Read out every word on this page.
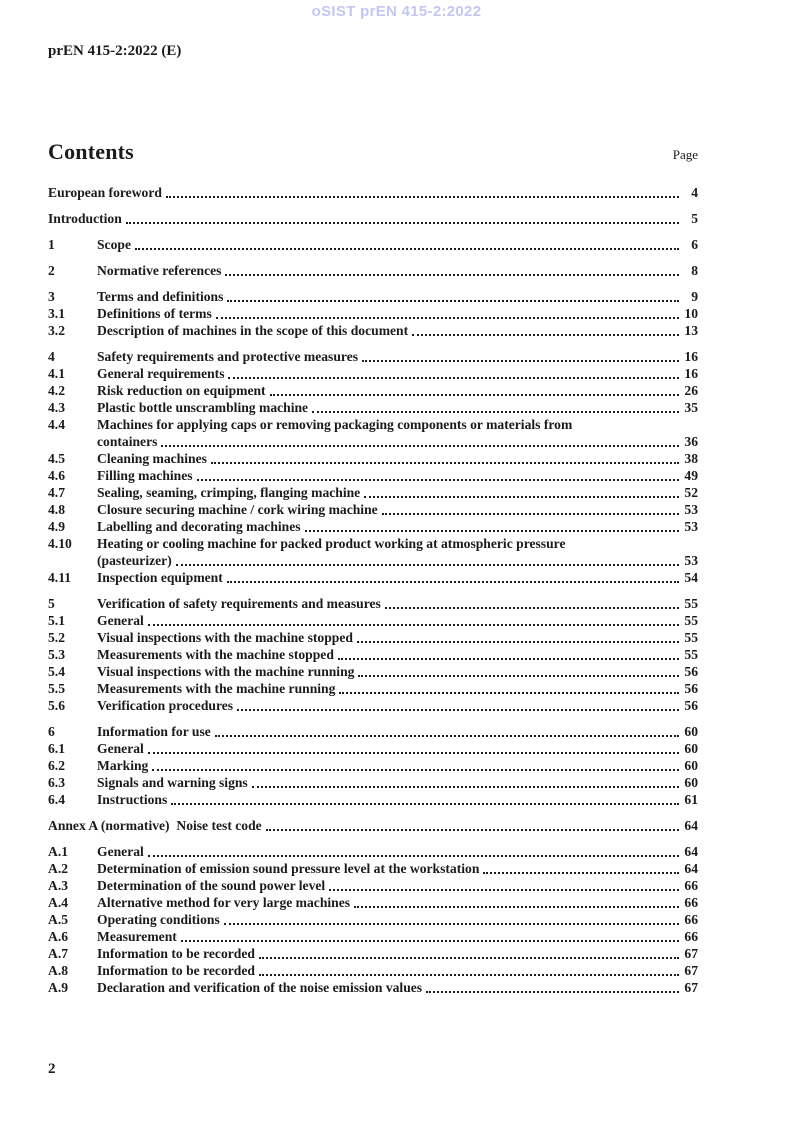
oSIST prEN 415-2:2022
prEN 415-2:2022 (E)
Contents	Page
European foreword	4
Introduction	5
1	Scope	6
2	Normative references	8
3	Terms and definitions	9
3.1	Definitions of terms	10
3.2	Description of machines in the scope of this document	13
4	Safety requirements and protective measures	16
4.1	General requirements	16
4.2	Risk reduction on equipment	26
4.3	Plastic bottle unscrambling machine	35
4.4	Machines for applying caps or removing packaging components or materials from
containers	36
4.5	Cleaning machines	38
4.6	Filling machines	49
4.7	Sealing, seaming, crimping, flanging machine	52
4.8	Closure securing machine / cork wiring machine	53
4.9	Labelling and decorating machines	53
4.10	Heating or cooling machine for packed product working at atmospheric pressure
(pasteurizer)	53
4.11	Inspection equipment	54
5	Verification of safety requirements and measures	55
5.1	General	55
5.2	Visual inspections with the machine stopped	55
5.3	Measurements with the machine stopped	55
5.4	Visual inspections with the machine running	56
5.5	Measurements with the machine running	56
5.6	Verification procedures	56
6	Information for use	60
6.1	General	60
6.2	Marking	60
6.3	Signals and warning signs	60
6.4	Instructions	61
Annex A (normative)  Noise test code	64
A.1	General	64
A.2	Determination of emission sound pressure level at the workstation	64
A.3	Determination of the sound power level	66
A.4	Alternative method for very large machines	66
A.5	Operating conditions	66
A.6	Measurement	66
A.7	Information to be recorded	67
A.8	Information to be recorded	67
A.9	Declaration and verification of the noise emission values	67
2
